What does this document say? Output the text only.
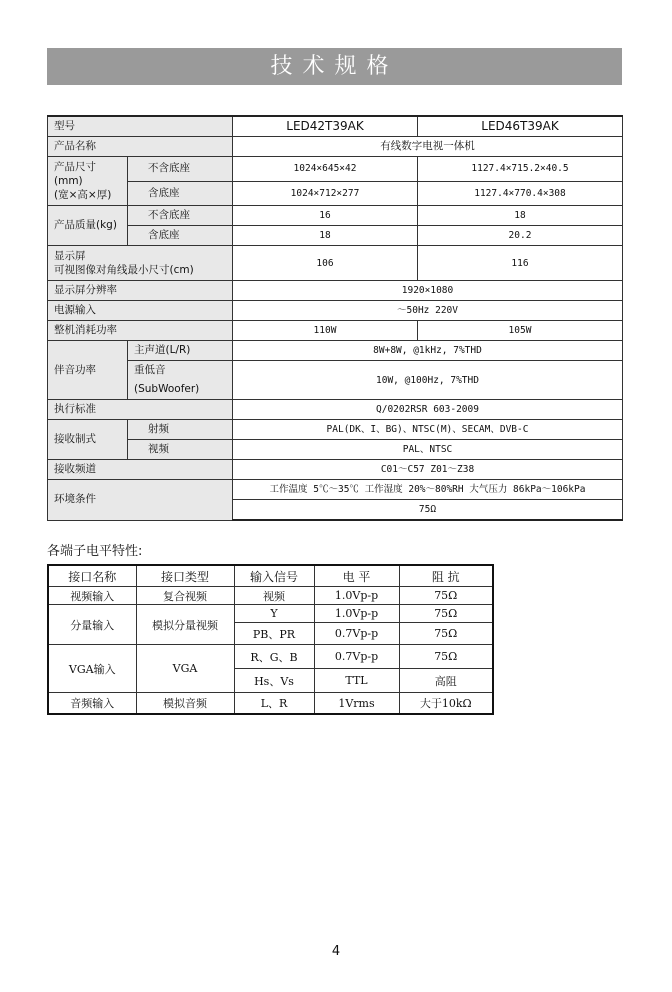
技术规格
型号		LED42T39AK	LED46T39AK
产品名称		有线数字电视一体机	

产品尺寸(mm)
(宽×高×厚)	不含底座	1024×645×42	1127.4×715.2×40.5
	含底座	1024×712×277	1127.4×770.4×308
产品质量(kg)	不含底座	16	18
	含底座	18	20.2

显示屏
可视图像对角线最小尺寸(cm)		106	116
显示屏分辨率		1920×1080	
电源输入		～50Hz 220V	
整机消耗功率		110W	105W
伴音功率	主声道(L/R)	8W+8W, @1kHz, 7%THD	
	重低音(SubWoofer)	10W, @100Hz, 7%THD	
执行标准		Q/0202RSR 603-2009	
接收制式	射频	PAL(DK、I、BG)、NTSC(M)、SECAM、DVB-C	
	视频	PAL、NTSC	
接收频道		C01～C57 Z01～Z38	
环境条件		工作温度 5℃～35℃ 工作湿度 20%～80%RH 大气压力 86kPa～106kPa	
		75Ω	
各端子电平特性:
接口名称	接口类型	输入信号	电 平	阻 抗
视频输入	复合视频	视频	1.0Vp-p	75Ω
分量输入	模拟分量视频	Y	1.0Vp-p	75Ω
		PB、PR	0.7Vp-p	75Ω
VGA输入	VGA	R、G、B	0.7Vp-p	75Ω
		Hs、Vs	TTL	高阻
音频输入	模拟音频	L、R	1Vrms	大于10kΩ
4
